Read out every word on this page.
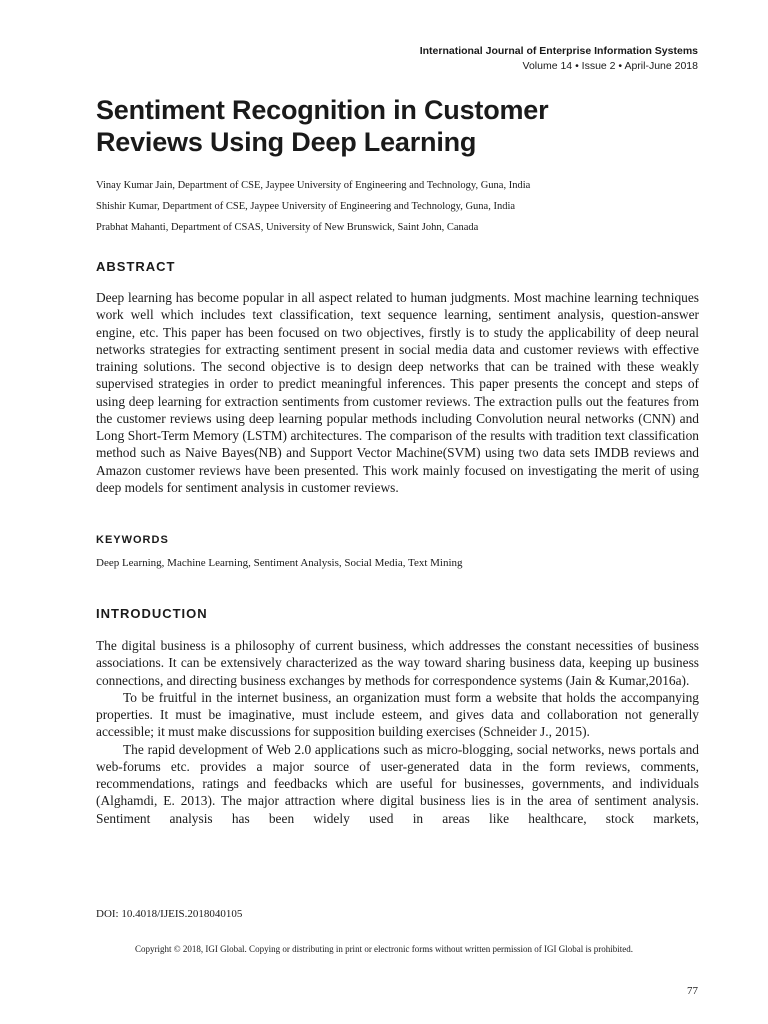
International Journal of Enterprise Information Systems
Volume 14 • Issue 2 • April-June 2018
Sentiment Recognition in Customer
Reviews Using Deep Learning
Vinay Kumar Jain, Department of CSE, Jaypee University of Engineering and Technology, Guna, India
Shishir Kumar, Department of CSE, Jaypee University of Engineering and Technology, Guna, India
Prabhat Mahanti, Department of CSAS, University of New Brunswick, Saint John, Canada
ABSTRACT

Deep learning has become popular in all aspect related to human judgments. Most machine learning techniques work well which includes text classification, text sequence learning, sentiment analysis, question-answer engine, etc. This paper has been focused on two objectives, firstly is to study the applicability of deep neural networks strategies for extracting sentiment present in social media data and customer reviews with effective training solutions. The second objective is to design deep networks that can be trained with these weakly supervised strategies in order to predict meaningful inferences. This paper presents the concept and steps of using deep learning for extraction sentiments from customer reviews. The extraction pulls out the features from the customer reviews using deep learning popular methods including Convolution neural networks (CNN) and Long Short-Term Memory (LSTM) architectures. The comparison of the results with tradition text classification method such as Naive Bayes(NB) and Support Vector Machine(SVM) using two data sets IMDB reviews and Amazon customer reviews have been presented. This work mainly focused on investigating the merit of using deep models for sentiment analysis in customer reviews.

KEYWORDS

Deep Learning, Machine Learning, Sentiment Analysis, Social Media, Text Mining

INTRODUCTION

The digital business is a philosophy of current business, which addresses the constant necessities of business associations. It can be extensively characterized as the way toward sharing business data, keeping up business connections, and directing business exchanges by methods for correspondence systems (Jain & Kumar,2016a).

To be fruitful in the internet business, an organization must form a website that holds the accompanying properties. It must be imaginative, must include esteem, and gives data and collaboration not generally accessible; it must make discussions for supposition building exercises (Schneider J., 2015).

The rapid development of Web 2.0 applications such as micro-blogging, social networks, news portals and web-forums etc. provides a major source of user-generated data in the form reviews, comments, recommendations, ratings and feedbacks which are useful for businesses, governments, and individuals (Alghamdi, E. 2013). The major attraction where digital business lies is in the area of sentiment analysis. Sentiment analysis has been widely used in areas like healthcare, stock markets,

DOI: 10.4018/IJEIS.2018040105
Copyright © 2018, IGI Global. Copying or distributing in print or electronic forms without written permission of IGI Global is prohibited.
77
